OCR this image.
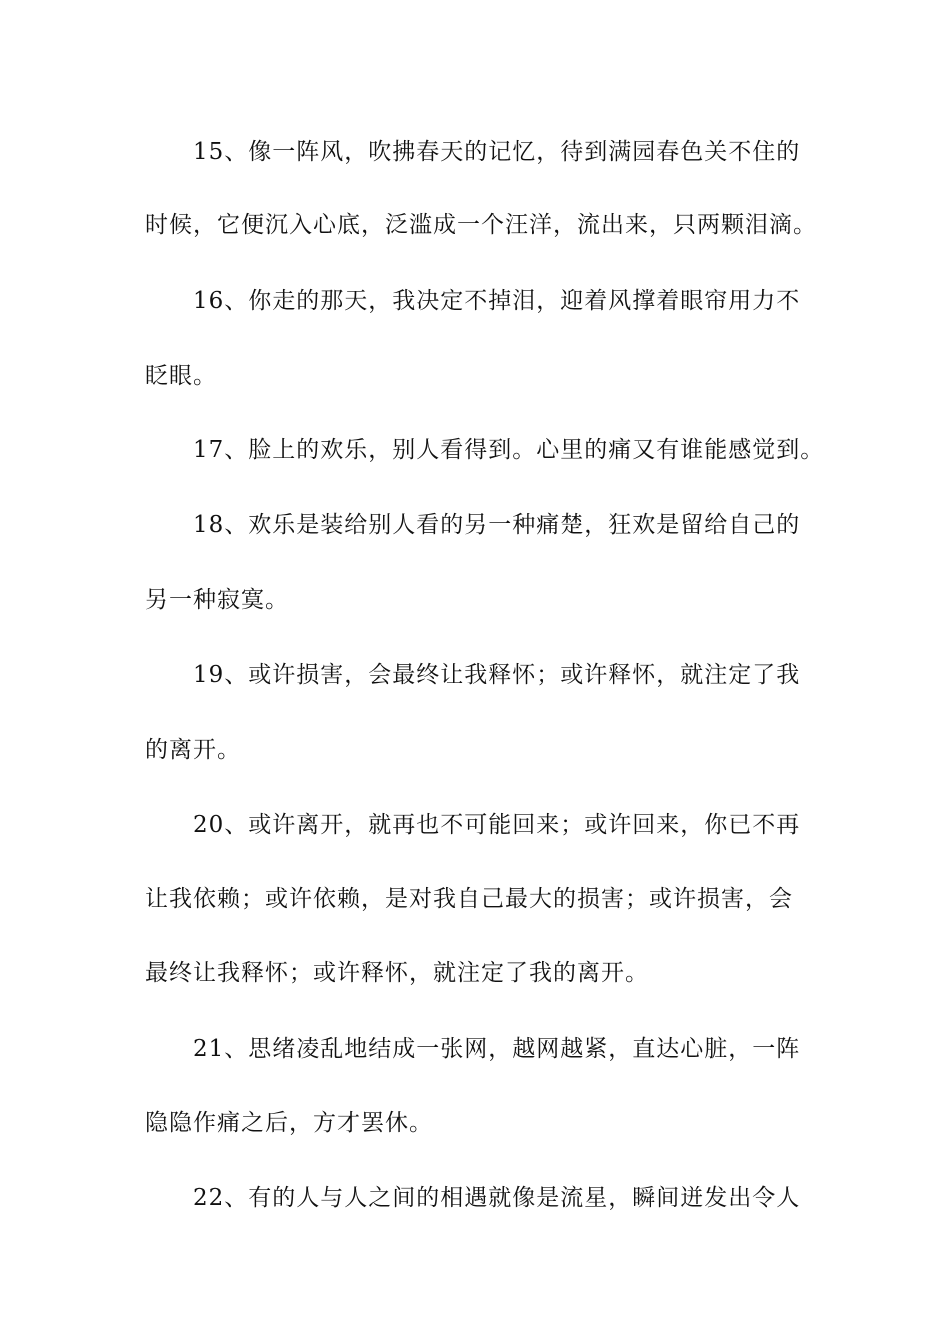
15、像一阵风，吹拂春天的记忆，待到满园春色关不住的
时候，它便沉入心底，泛滥成一个汪洋，流出来，只两颗泪滴。
16、你走的那天，我决定不掉泪，迎着风撑着眼帘用力不
眨眼。
17、脸上的欢乐，别人看得到。心里的痛又有谁能感觉到。
18、欢乐是装给别人看的另一种痛楚，狂欢是留给自己的
另一种寂寞。
19、或许损害，会最终让我释怀；或许释怀，就注定了我
的离开。
20、或许离开，就再也不可能回来；或许回来，你已不再
让我依赖；或许依赖，是对我自己最大的损害；或许损害，会
最终让我释怀；或许释怀，就注定了我的离开。
21、思绪凌乱地结成一张网，越网越紧，直达心脏，一阵
隐隐作痛之后，方才罢休。
22、有的人与人之间的相遇就像是流星，瞬间迸发出令人
